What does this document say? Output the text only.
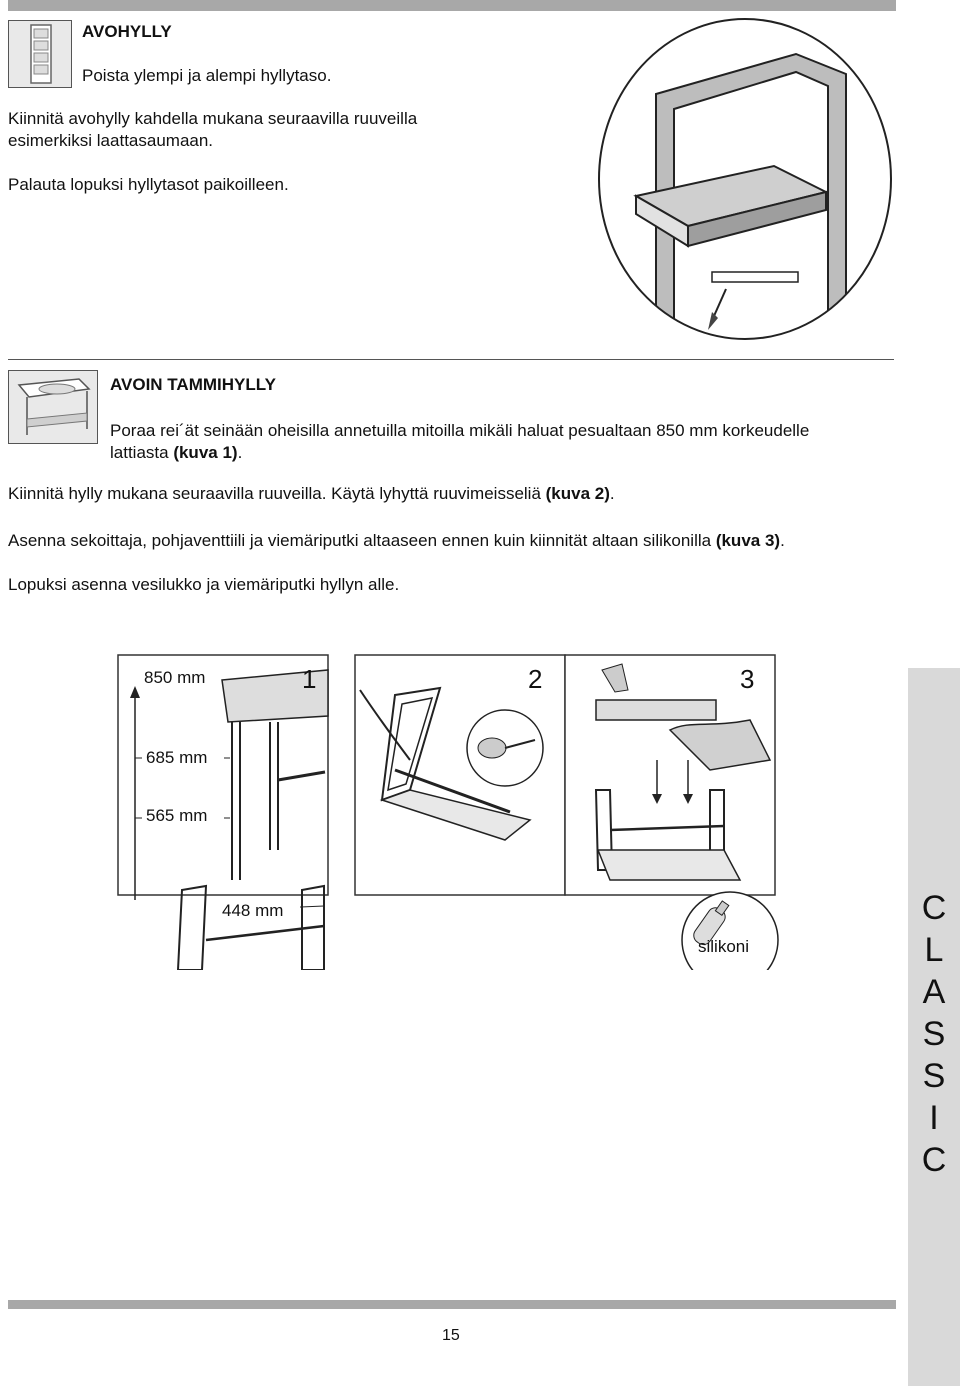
AVOHYLLY
Poista ylempi ja alempi hyllytaso.
Kiinnitä avohylly kahdella mukana seuraavilla ruuveilla
esimerkiksi laattasaumaan.
Palauta lopuksi hyllytasot paikoilleen.
AVOIN TAMMIHYLLY
Poraa rei´ät seinään oheisilla annetuilla mitoilla mikäli haluat pesualtaan 850 mm korkeudelle
lattiasta (kuva 1).
Kiinnitä hylly mukana seuraavilla ruuveilla. Käytä lyhyttä ruuvimeisseliä (kuva 2).
Asenna sekoittaja, pohjaventtiili ja viemäriputki altaaseen ennen kuin kiinnität altaan silikonilla (kuva 3).
Lopuksi asenna vesilukko ja viemäriputki hyllyn alle.
850 mm
685 mm
565 mm
448 mm
silikoni
1	2	3
C
L
A
S
S
I
C
15
